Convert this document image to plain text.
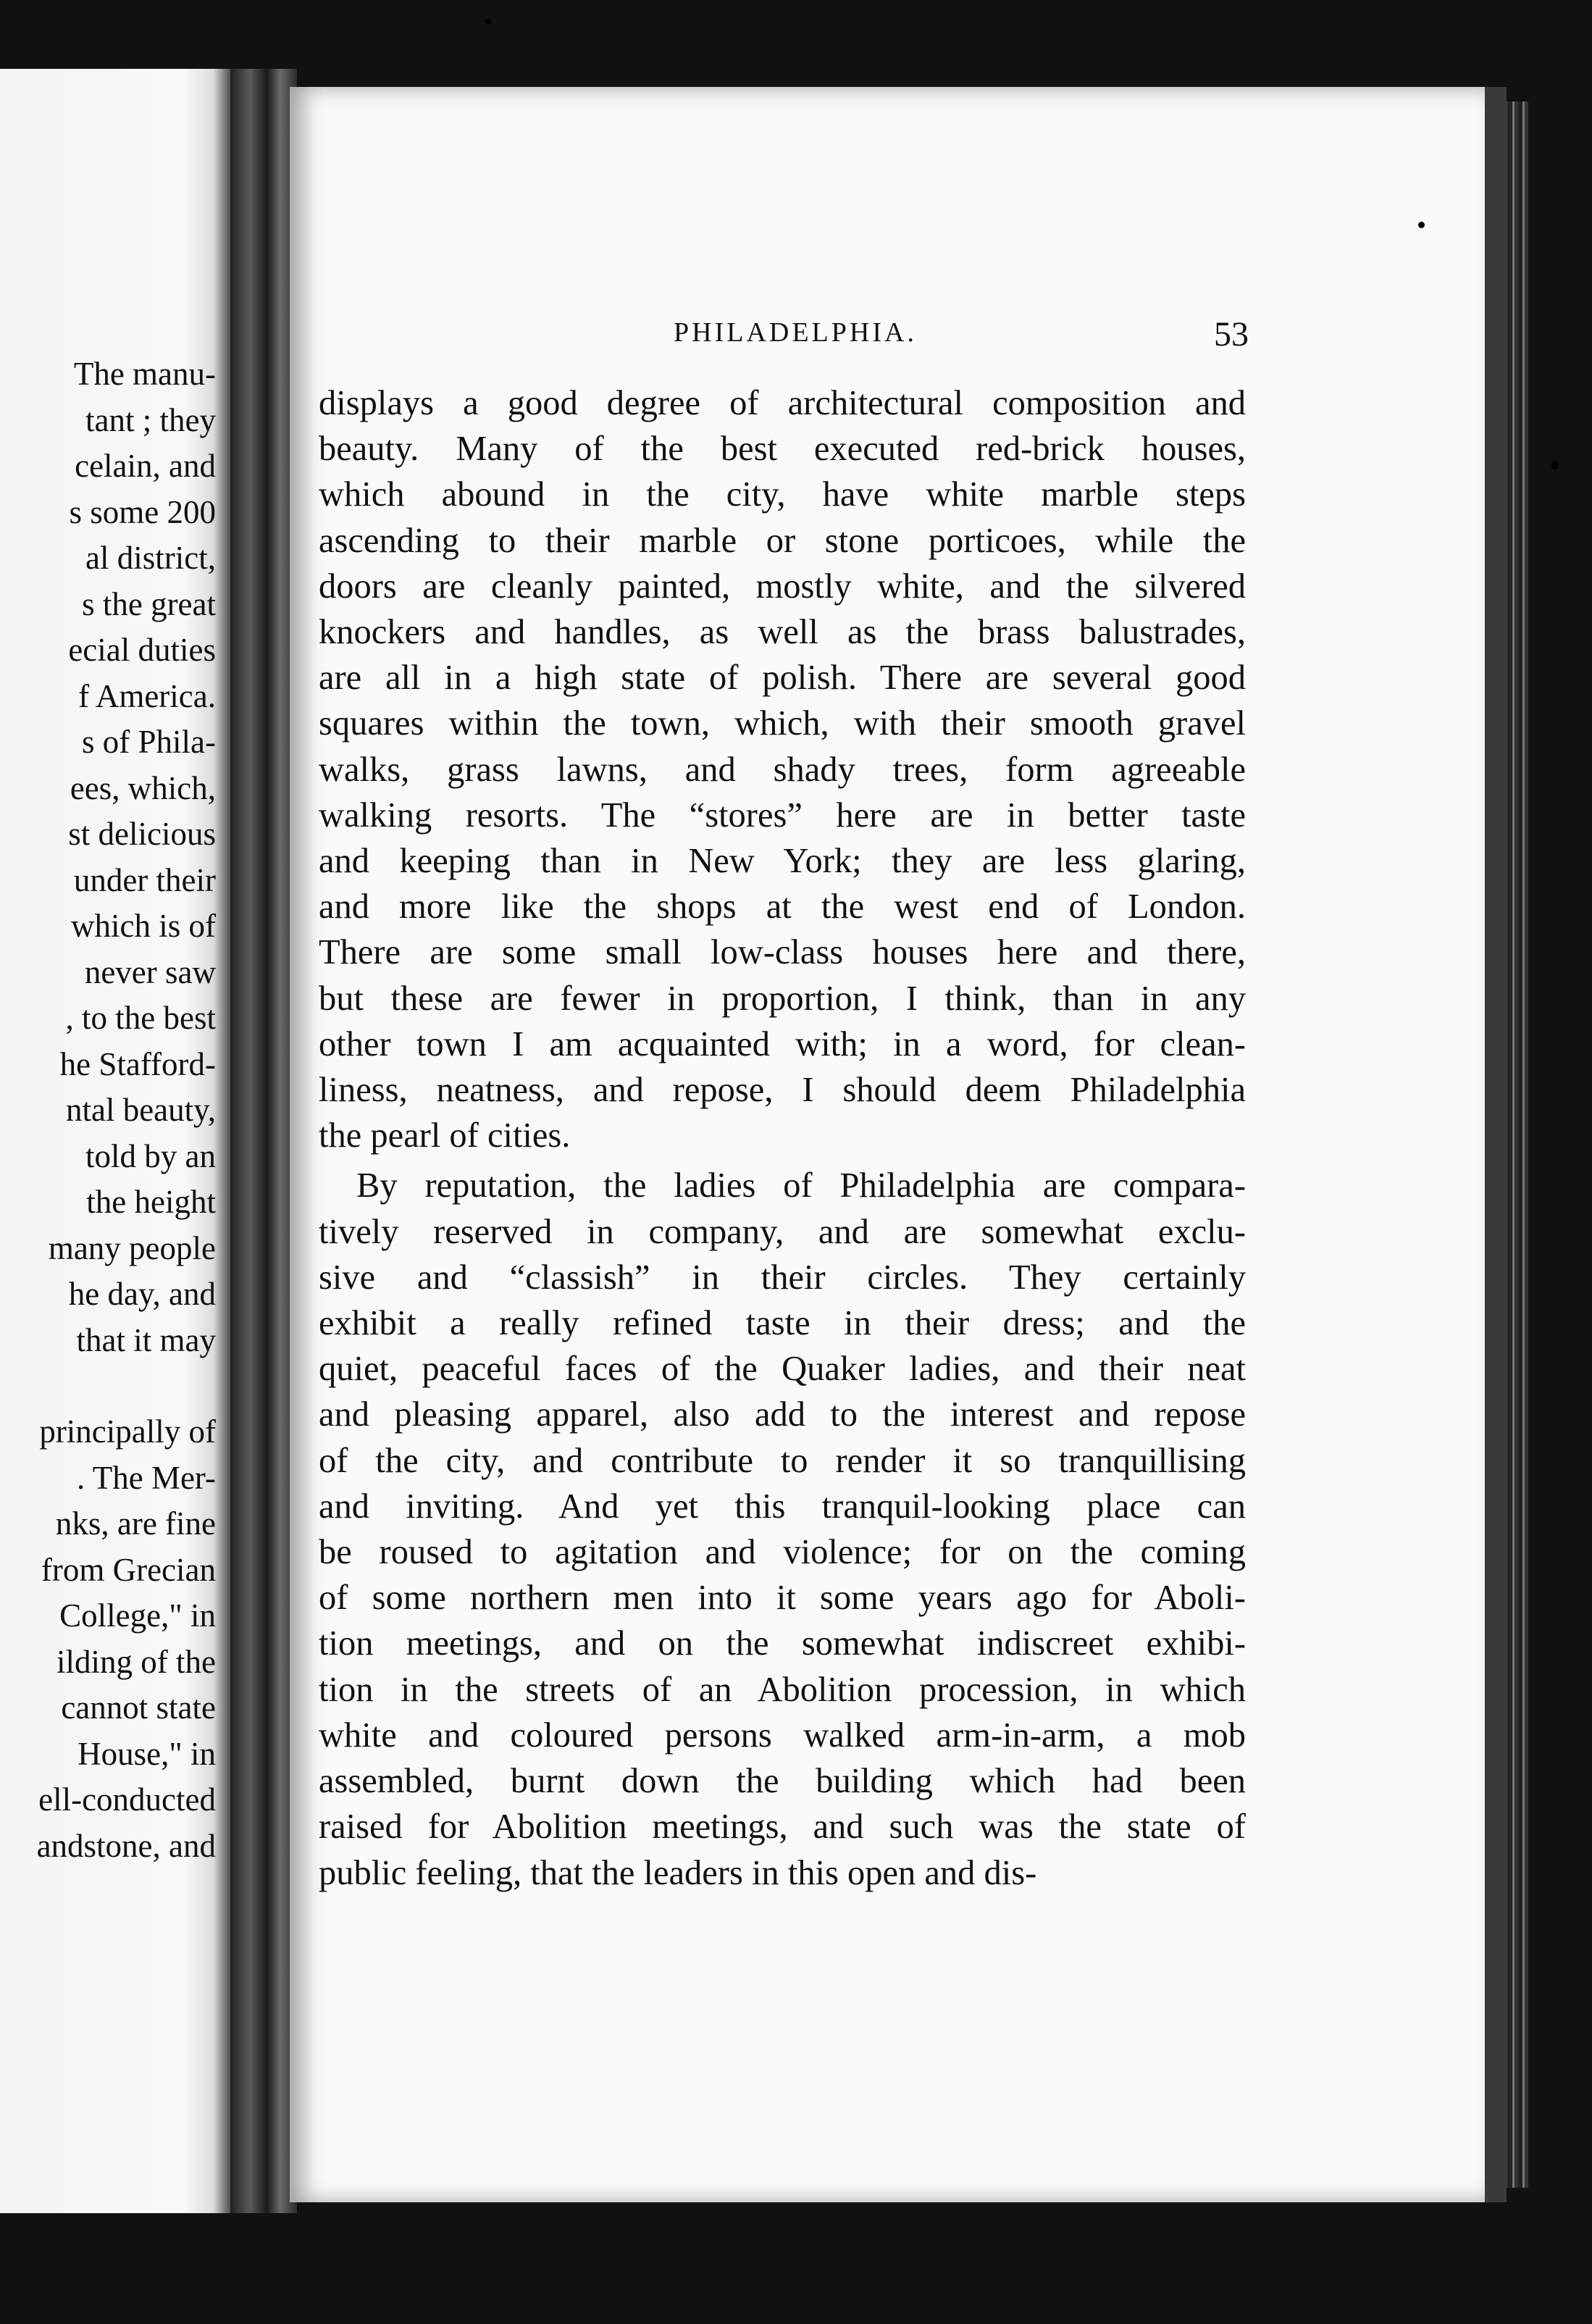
The manu-
tant ; they
celain, and
s some 200
al district,
s the great
ecial duties
f America.
s of Phila-
ees, which,
st delicious
under their
which is of
never saw
, to the best
he Stafford-
ntal beauty,
told by an
the height
many people
he day, and
that it may
principally of
. The Mer-
nks, are fine
from Grecian
College," in
ilding of the
cannot state
House," in
ell-conducted
andstone, and
PHILADELPHIA.	53
displays a good degree of architectural composition and
beauty. Many of the best executed red-brick houses,
which abound in the city, have white marble steps
ascending to their marble or stone porticoes, while the
doors are cleanly painted, mostly white, and the silvered
knockers and handles, as well as the brass balustrades,
are all in a high state of polish. There are several good
squares within the town, which, with their smooth gravel
walks, grass lawns, and shady trees, form agreeable
walking resorts. The “stores” here are in better taste
and keeping than in New York; they are less glaring,
and more like the shops at the west end of London.
There are some small low-class houses here and there,
but these are fewer in proportion, I think, than in any
other town I am acquainted with; in a word, for clean-
liness, neatness, and repose, I should deem Philadelphia
the pearl of cities.
By reputation, the ladies of Philadelphia are compara-
tively reserved in company, and are somewhat exclu-
sive and “classish” in their circles. They certainly
exhibit a really refined taste in their dress; and the
quiet, peaceful faces of the Quaker ladies, and their neat
and pleasing apparel, also add to the interest and repose
of the city, and contribute to render it so tranquillising
and inviting. And yet this tranquil-looking place can
be roused to agitation and violence; for on the coming
of some northern men into it some years ago for Aboli-
tion meetings, and on the somewhat indiscreet exhibi-
tion in the streets of an Abolition procession, in which
white and coloured persons walked arm-in-arm, a mob
assembled, burnt down the building which had been
raised for Abolition meetings, and such was the state of
public feeling, that the leaders in this open and dis-
